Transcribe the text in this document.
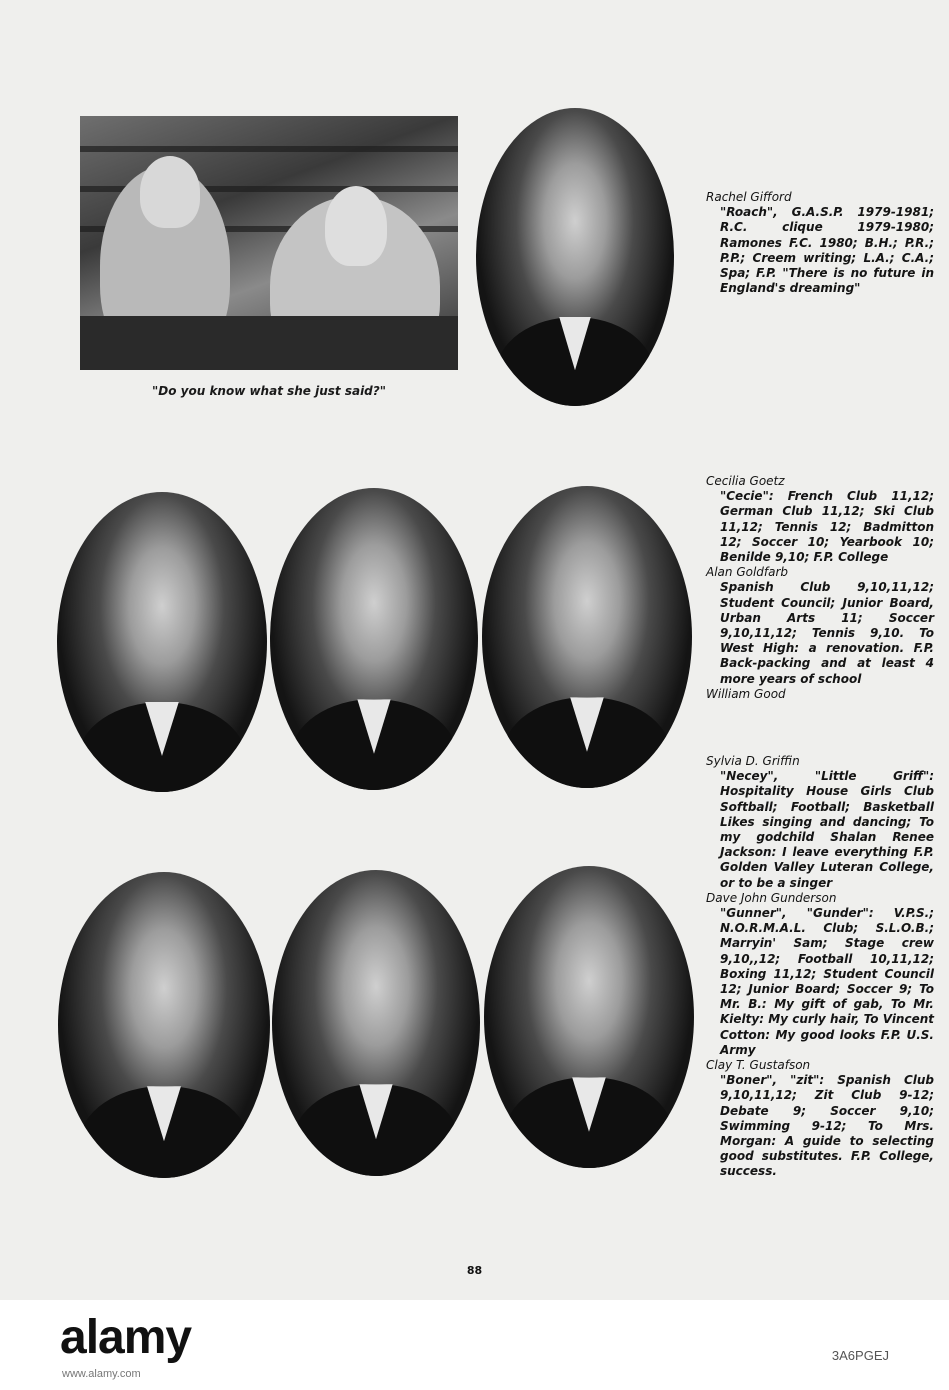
"Do you know what she just said?"
Rachel Gifford
"Roach", G.A.S.P. 1979-1981; R.C. clique 1979-1980; Ramones F.C. 1980; B.H.; P.R.; P.P.; Creem writing; L.A.; C.A.; Spa; F.P. "There is no future in England's dreaming"
Cecilia Goetz
"Cecie": French Club 11,12; German Club 11,12; Ski Club 11,12; Tennis 12; Badmitton 12; Soccer 10; Yearbook 10; Benilde 9,10; F.P. College
Alan Goldfarb
Spanish Club 9,10,11,12; Student Council; Junior Board, Urban Arts 11; Soccer 9,10,11,12; Tennis 9,10. To West High: a renovation. F.P. Back-packing and at least 4 more years of school
William Good
Sylvia D. Griffin
"Necey", "Little Griff": Hospitality House Girls Club Softball; Football; Basketball Likes singing and dancing; To my godchild Shalan Renee Jackson: I leave everything F.P. Golden Valley Luteran College, or to be a singer
Dave John Gunderson
"Gunner", "Gunder": V.P.S.; N.O.R.M.A.L. Club; S.L.O.B.; Marryin' Sam; Stage crew 9,10,,12; Football 10,11,12; Boxing 11,12; Student Council 12; Junior Board; Soccer 9; To Mr. B.: My gift of gab, To Mr. Kielty: My curly hair, To Vincent Cotton: My good looks F.P. U.S. Army
Clay T. Gustafson
"Boner", "zit": Spanish Club 9,10,11,12; Zit Club 9-12; Debate 9; Soccer 9,10; Swimming 9-12; To Mrs. Morgan: A guide to selecting good substitutes. F.P. College, success.
88
alamy
www.alamy.com
3A6PGEJ
